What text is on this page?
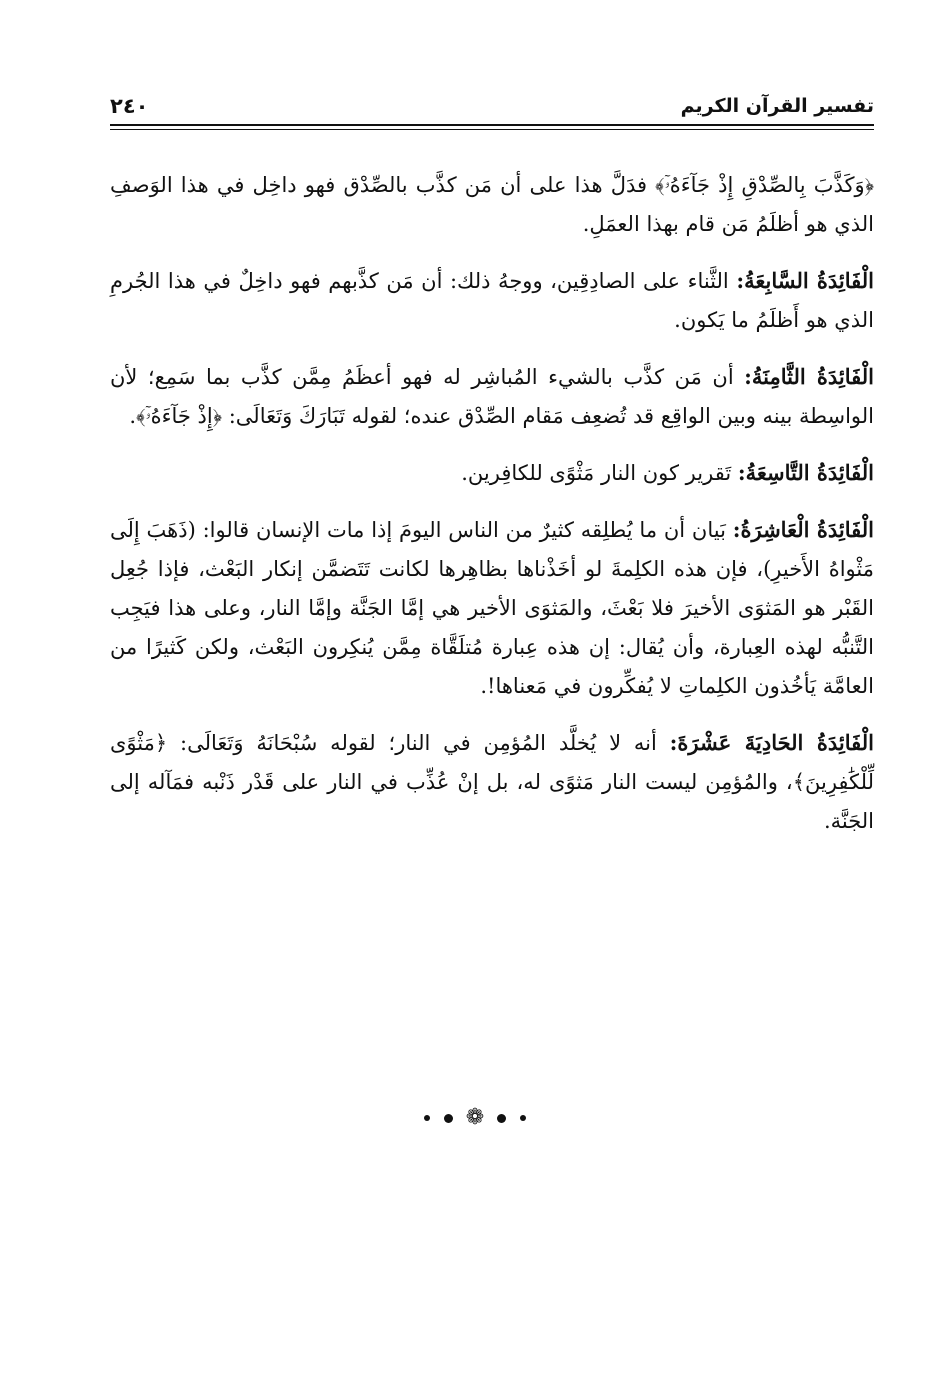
تفسير القرآن الكريم
٢٤٠

﴿وَكَذَّبَ بِالصِّدْقِ إِذْ جَآءَهُۥٓ﴾ فدَلَّ هذا على أن مَن كذَّب بالصِّدْق فهو داخِل في هذا الوَصفِ الذي هو أظلَمُ مَن قام بهذا العمَلِ.

الْفَائِدَةُ السَّابِعَةُ: الثَّناء على الصادِقِين، ووجهُ ذلك: أن مَن كذَّبهم فهو داخِلٌ في هذا الجُرمِ الذي هو أَظلَمُ ما يَكون.

الْفَائِدَةُ الثَّامِنَةُ: أن مَن كذَّب بالشيء المُباشِر له فهو أعظَمُ مِمَّن كذَّب بما سَمِع؛ لأن الواسِطة بينه وبين الواقِع قد تُضعِف مَقام الصِّدْق عنده؛ لقوله تَبَارَكَ وَتَعَالَى: ﴿إِذْ جَآءَهُۥٓ﴾.

الْفَائِدَةُ التَّاسِعَةُ: تَقرير كون النار مَثْوًى للكافِرين.

الْفَائِدَةُ الْعَاشِرَةُ: بَيان أن ما يُطلِقه كثيرٌ من الناس اليومَ إذا مات الإنسان قالوا: (ذَهَبَ إِلَى مَثْواهُ الأَخيرِ)، فإن هذه الكلِمةَ لو أخَذْناها بظاهِرها لكانت تَتَضمَّن إنكار البَعْث، فإذا جُعِل القَبْر هو المَثوَى الأخيرَ فلا بَعْثَ، والمَثوَى الأخير هي إمَّا الجَنَّة وإمَّا النار، وعلى هذا فيَجِب التَّنبُّه لهذه العِبارة، وأن يُقال: إن هذه عِبارة مُتلَقَّاة مِمَّن يُنكِرون البَعْث، ولكن كَثيرًا من العامَّة يَأخُذون الكلِماتِ لا يُفكِّرون في مَعناها!.

الْفَائِدَةُ الحَادِيَةَ عَشْرَةَ: أنه لا يُخلَّد المُؤمِن في النار؛ لقوله سُبْحَانَهُ وَتَعَالَى: ﴿مَثْوًى لِّلْكَٰفِرِينَ﴾، والمُؤمِن ليست النار مَثوًى له، بل إنْ عُذِّب في النار على قَدْر ذَنْبه فمَآله إلى الجَنَّة.

❁
